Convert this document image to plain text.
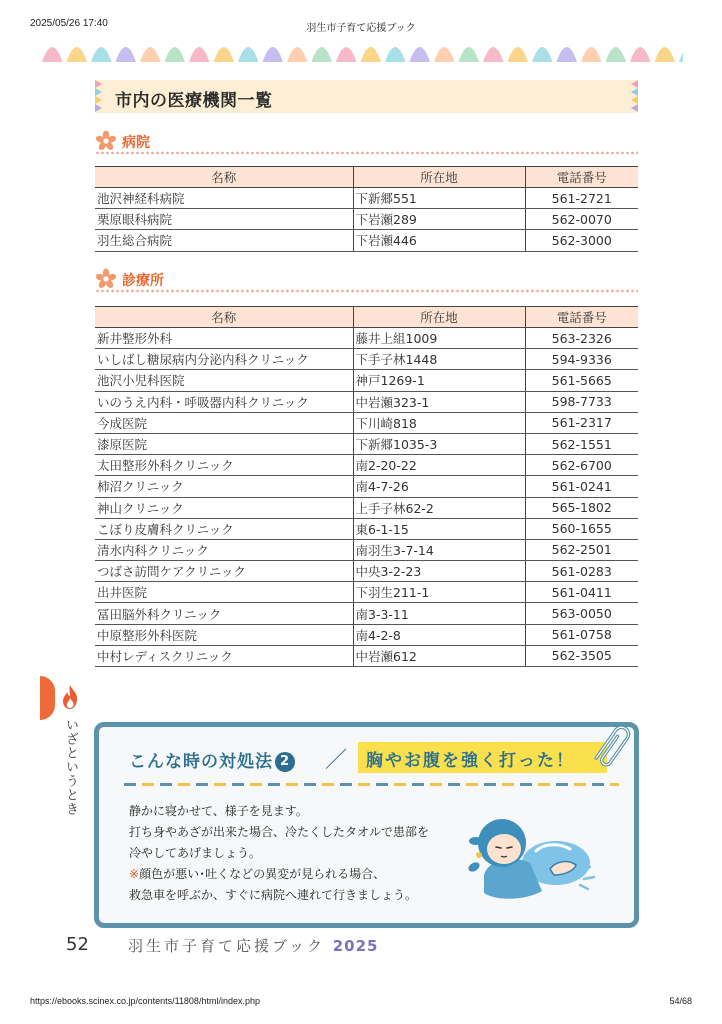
2025/05/26 17:40	羽生市子育て応援ブック
市内の医療機関一覧
病院
名称	所在地	電話番号
池沢神経科病院	下新郷551	561-2721
栗原眼科病院	下岩瀬289	562-0070
羽生総合病院	下岩瀬446	562-3000
診療所
名称	所在地	電話番号
新井整形外科	藤井上組1009	563-2326
いしばし糖尿病内分泌内科クリニック	下手子林1448	594-9336
池沢小児科医院	神戸1269-1	561-5665
いのうえ内科・呼吸器内科クリニック	中岩瀬323-1	598-7733
今成医院	下川崎818	561-2317
漆原医院	下新郷1035-3	562-1551
太田整形外科クリニック	南2-20-22	562-6700
柿沼クリニック	南4-7-26	561-0241
神山クリニック	上手子林62-2	565-1802
こぼり皮膚科クリニック	東6-1-15	560-1655
清水内科クリニック	南羽生3-7-14	562-2501
つばさ訪問ケアクリニック	中央3-2-23	561-0283
出井医院	下羽生211-1	561-0411
冨田脳外科クリニック	南3-3-11	563-0050
中原整形外科医院	南4-2-8	561-0758
中村レディスクリニック	中岩瀬612	562-3505
いざというとき	こんな時の対処法 2 ／ 胸やお腹を強く打った！
静かに寝かせて、様子を見ます。
打ち身やあざが出来た場合、冷たくしたタオルで患部を
冷やしてあげましょう。
※顔色が悪い･吐くなどの異変が見られる場合、
救急車を呼ぶか、すぐに病院へ連れて行きましょう。
52	羽生市子育て応援ブック 2025
https://ebooks.scinex.co.jp/contents/11808/html/index.php	54/68
